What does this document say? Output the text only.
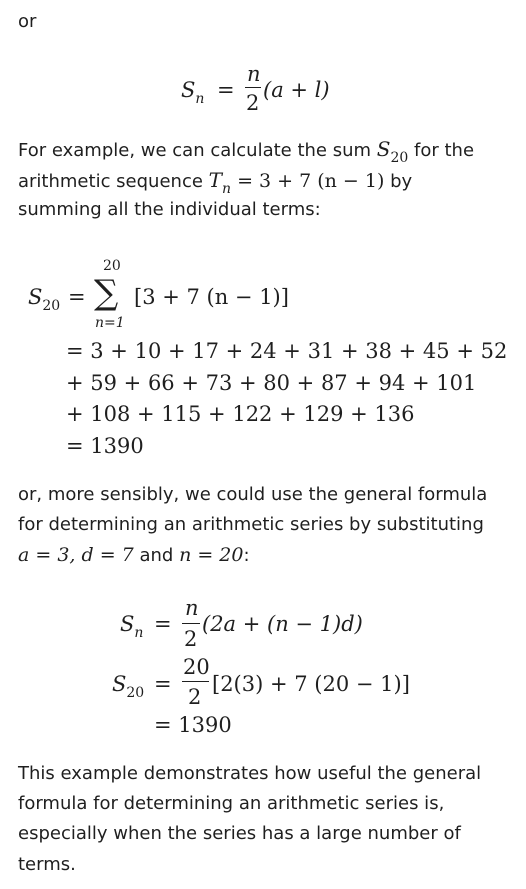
or
$S_n$ =
n
2
(a + l)
For example, we can calculate the sum $S_{20}$ for the
arithmetic sequence $T_n = 3 + 7$ (n − 1) by
summing all the individual terms:
$S_{20}$ =
20
∑
n=1
[3 + 7 (n − 1)]
= 3 + 10 + 17 + 24 + 31 + 38 + 45 + 52
+ 59 + 66 + 73 + 80 + 87 + 94 + 101
+ 108 + 115 + 122 + 129 + 136
= 1390
or, more sensibly, we could use the general formula
for determining an arithmetic series by substituting
a = 3, d = 7 and n = 20:
$S_n$ =
n
2
(2a + (n − 1)d)
$S_{20}$ =
20
2
[2(3) + 7 (20 − 1)]
= 1390
This example demonstrates how useful the general
formula for determining an arithmetic series is,
especially when the series has a large number of
terms.
